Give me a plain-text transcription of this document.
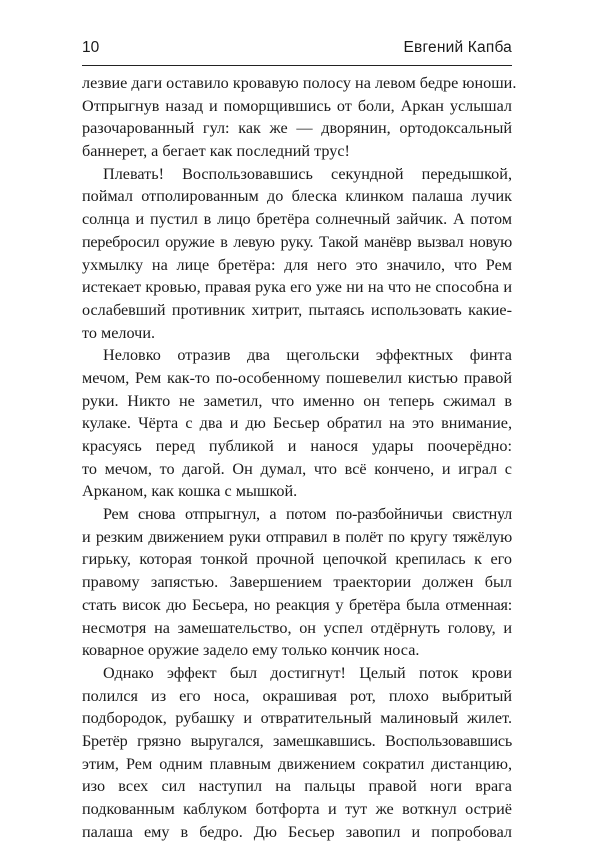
10	Евгений Капба
лезвие даги оставило кровавую полосу на левом бедре юноши.
Отпрыгнув назад и поморщившись от боли, Аркан услышал
разочарованный гул: как же — дворянин, ортодоксальный
баннерет, а бегает как последний трус!
Плевать! Воспользовавшись секундной передышкой,
поймал отполированным до блеска клинком палаша лучик
солнца и пустил в лицо бретёра солнечный зайчик. А потом
перебросил оружие в левую руку. Такой манёвр вызвал новую
ухмылку на лице бретёра: для него это значило, что Рем
истекает кровью, правая рука его уже ни на что не способна и
ослабевший противник хитрит, пытаясь использовать какие-
то мелочи.
Неловко отразив два щегольски эффектных финта
мечом, Рем как-то по-особенному пошевелил кистью правой
руки. Никто не заметил, что именно он теперь сжимал в
кулаке. Чёрта с два и дю Бесьер обратил на это внимание,
красуясь перед публикой и нанося удары поочерёдно:
то мечом, то дагой. Он думал, что всё кончено, и играл с
Арканом, как кошка с мышкой.
Рем снова отпрыгнул, а потом по-разбойничьи свистнул
и резким движением руки отправил в полёт по кругу тяжёлую
гирьку, которая тонкой прочной цепочкой крепилась к его
правому запястью. Завершением траектории должен был
стать висок дю Бесьера, но реакция у бретёра была отменная:
несмотря на замешательство, он успел отдёрнуть голову, и
коварное оружие задело ему только кончик носа.
Однако эффект был достигнут! Целый поток крови
полился из его носа, окрашивая рот, плохо выбритый
подбородок, рубашку и отвратительный малиновый жилет.
Бретёр грязно выругался, замешкавшись. Воспользовавшись
этим, Рем одним плавным движением сократил дистанцию,
изо всех сил наступил на пальцы правой ноги врага
подкованным каблуком ботфорта и тут же воткнул остриё
палаша ему в бедро. Дю Бесьер завопил и попробовал
